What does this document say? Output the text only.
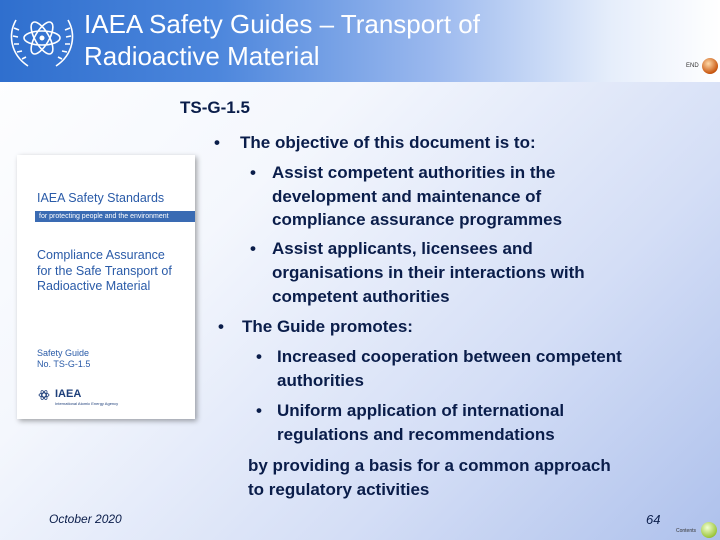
IAEA Safety Guides – Transport of
Radioactive Material	END
IAEA Safety Standards
for protecting people and the environment
Compliance Assurance
for the Safe Transport of
Radioactive Material
Safety Guide
No. TS-G-1.5
IAEA
International Atomic Energy Agency
TS-G-1.5
• The objective of this document is to:
• Assist competent authorities in the
development and maintenance of
compliance assurance programmes
• Assist applicants, licensees and
organisations in their interactions with
competent authorities
• The Guide promotes:
• Increased cooperation between competent
authorities
• Uniform application of international
regulations and recommendations
by providing a basis for a common approach
to regulatory activities
October 2020	64
Contents
